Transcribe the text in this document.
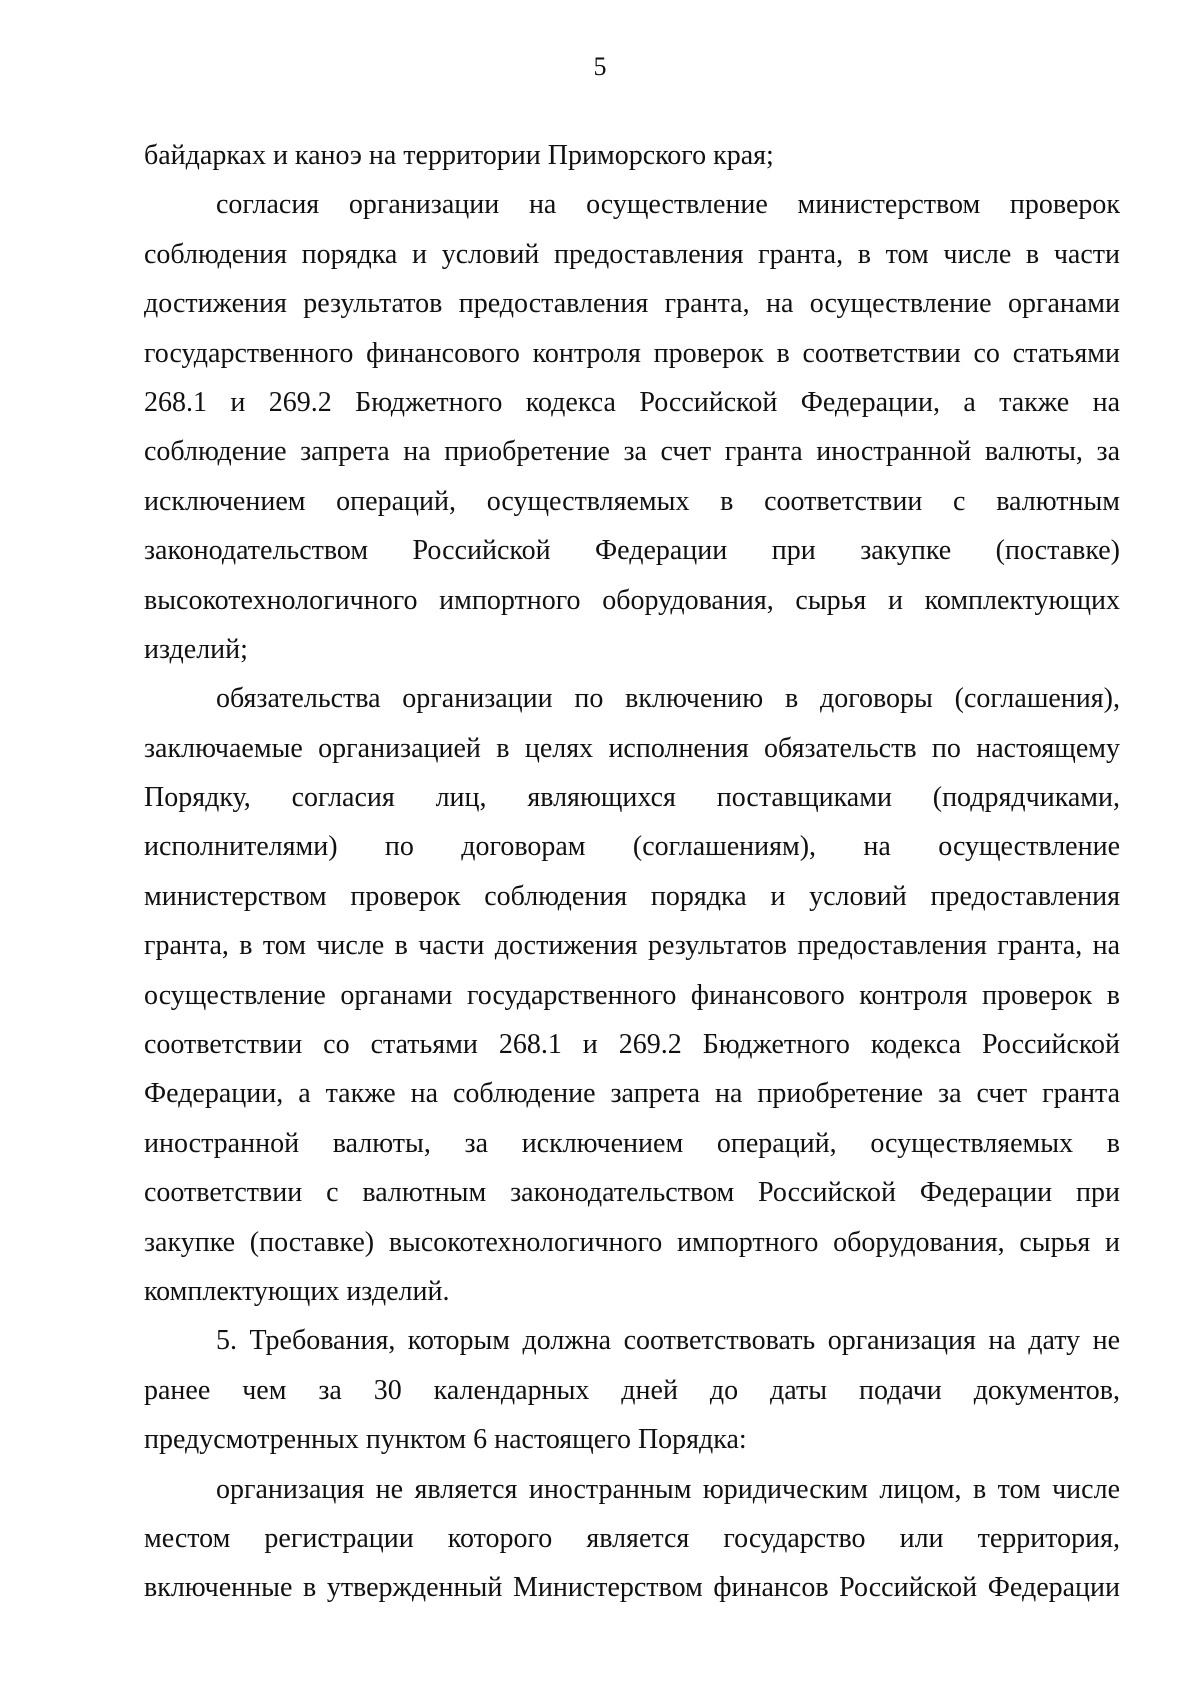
5
байдарках и каноэ на территории Приморского края;
согласия организации на осуществление министерством проверок
соблюдения порядка и условий предоставления гранта, в том числе в части
достижения результатов предоставления гранта, на осуществление органами
государственного финансового контроля проверок в соответствии со статьями
268.1 и 269.2 Бюджетного кодекса Российской Федерации, а также на
соблюдение запрета на приобретение за счет гранта иностранной валюты, за
исключением операций, осуществляемых в соответствии с валютным
законодательством Российской Федерации при закупке (поставке)
высокотехнологичного импортного оборудования, сырья и комплектующих
изделий;
обязательства организации по включению в договоры (соглашения),
заключаемые организацией в целях исполнения обязательств по настоящему
Порядку, согласия лиц, являющихся поставщиками (подрядчиками,
исполнителями) по договорам (соглашениям), на осуществление
министерством проверок соблюдения порядка и условий предоставления
гранта, в том числе в части достижения результатов предоставления гранта, на
осуществление органами государственного финансового контроля проверок в
соответствии со статьями 268.1 и 269.2 Бюджетного кодекса Российской
Федерации, а также на соблюдение запрета на приобретение за счет гранта
иностранной валюты, за исключением операций, осуществляемых в
соответствии с валютным законодательством Российской Федерации при
закупке (поставке) высокотехнологичного импортного оборудования, сырья и
комплектующих изделий.
5. Требования, которым должна соответствовать организация на дату не
ранее чем за 30 календарных дней до даты подачи документов,
предусмотренных пунктом 6 настоящего Порядка:
организация не является иностранным юридическим лицом, в том числе
местом регистрации которого является государство или территория,
включенные в утвержденный Министерством финансов Российской Федерации
